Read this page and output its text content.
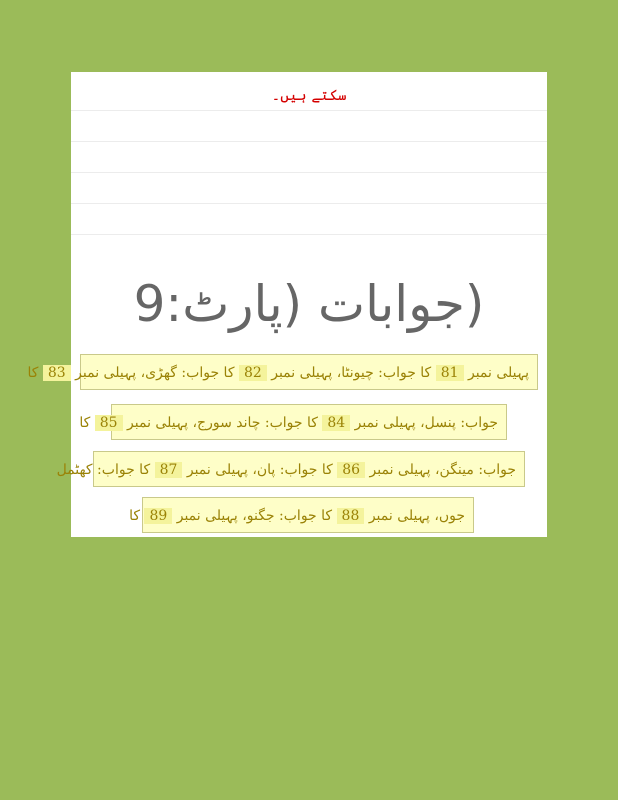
سکتے ہیں۔
(جوابات (پارٹ:9
پہیلی نمبر 81 کا جواب: چیونٹا، پہیلی نمبر 82 کا جواب: گھڑی، پہیلی نمبر 83 کا
جواب: پنسل، پہیلی نمبر 84 کا جواب: چاند سورج، پہیلی نمبر 85 کا
جواب: مینگن، پہیلی نمبر 86 کا جواب: پان، پہیلی نمبر 87 کا جواب: کھٹمل
جوں، پہیلی نمبر 88 کا جواب: جگنو، پہیلی نمبر 89 کا
